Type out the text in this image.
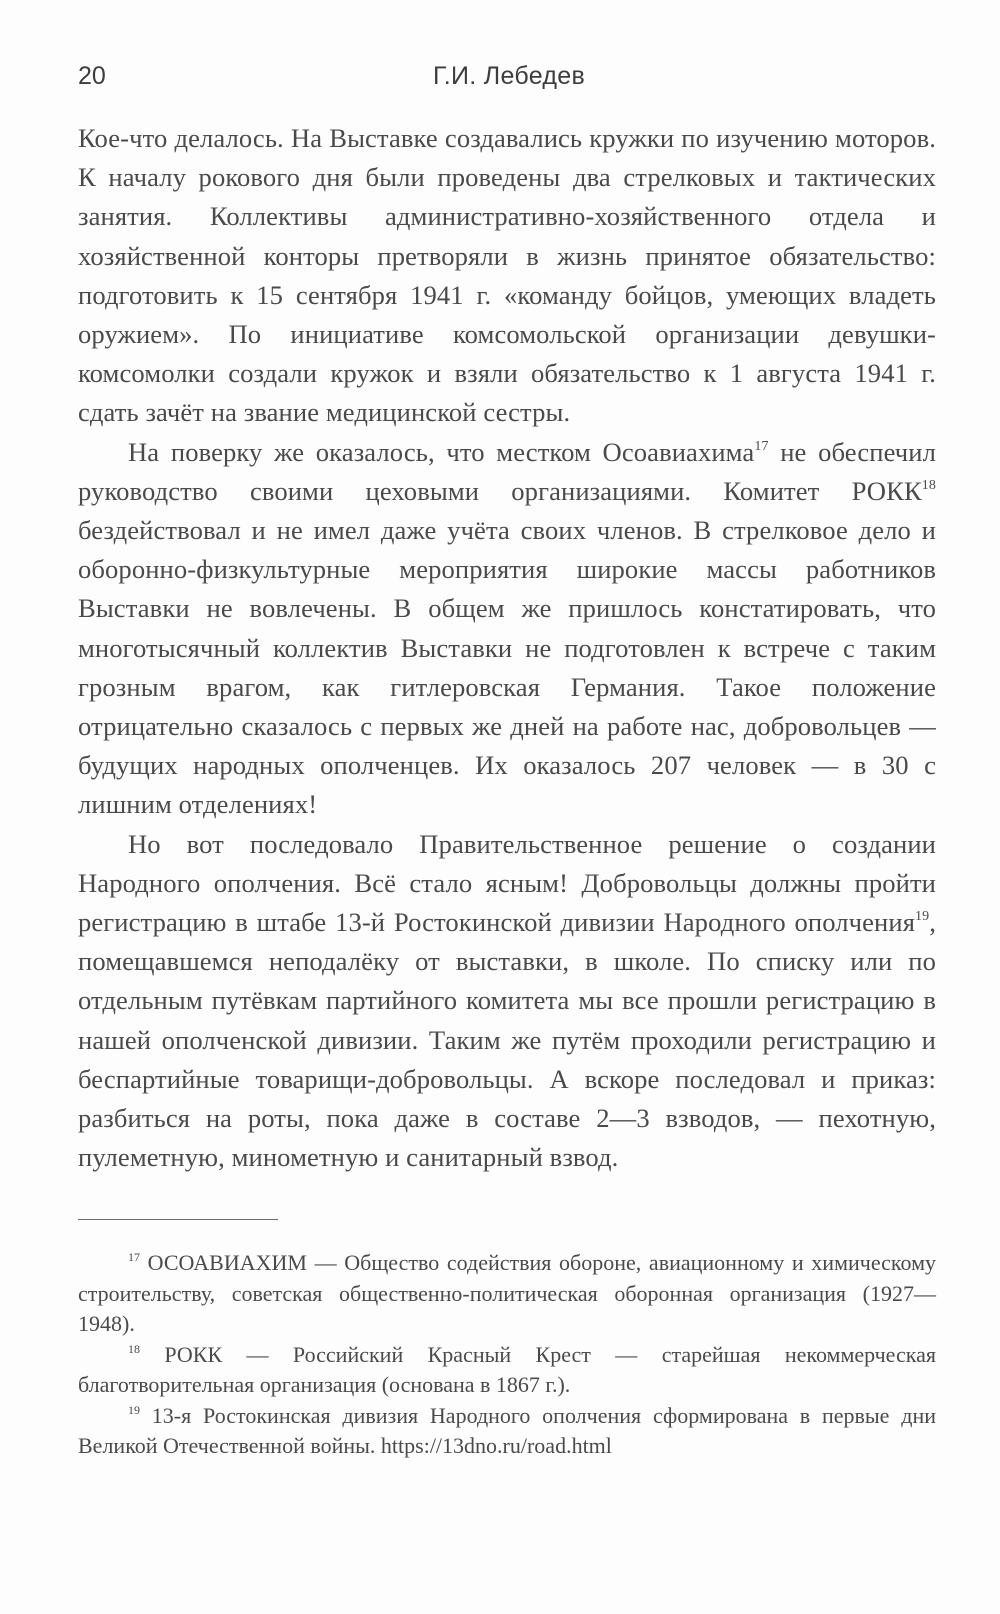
20	Г.И. Лебедев

Кое-что делалось. На Выставке создавались кружки по изучению моторов. К началу рокового дня были проведены два стрелковых и тактических занятия. Коллективы административно-хозяйственного отдела и хозяйственной конторы претворяли в жизнь принятое обязательство: подготовить к 15 сентября 1941 г. «команду бойцов, умеющих владеть оружием». По инициативе комсомольской организации девушки-комсомолки создали кружок и взяли обязательство к 1 августа 1941 г. сдать зачёт на звание медицинской сестры.

На поверку же оказалось, что местком Осоавиахима$^{17}$ не обеспечил руководство своими цеховыми организациями. Комитет РОКК$^{18}$ бездействовал и не имел даже учёта своих членов. В стрелковое дело и оборонно-физкультурные мероприятия широкие массы работников Выставки не вовлечены. В общем же пришлось констатировать, что многотысячный коллектив Выставки не подготовлен к встрече с таким грозным врагом, как гитлеровская Германия. Такое положение отрицательно сказалось с первых же дней на работе нас, добровольцев — будущих народных ополченцев. Их оказалось 207 человек — в 30 с лишним отделениях!

Но вот последовало Правительственное решение о создании Народного ополчения. Всё стало ясным! Добровольцы должны пройти регистрацию в штабе 13-й Ростокинской дивизии Народного ополчения$^{19}$, помещавшемся неподалёку от выставки, в школе. По списку или по отдельным путёвкам партийного комитета мы все прошли регистрацию в нашей ополченской дивизии. Таким же путём проходили регистрацию и беспартийные товарищи-добровольцы. А вскоре последовал и приказ: разбиться на роты, пока даже в составе 2—3 взводов, — пехотную, пулеметную, минометную и санитарный взвод.

$^{17}$ ОСОАВИАХИМ — Общество содействия обороне, авиационному и химическому строительству, советская общественно-политическая оборонная организация (1927—1948).

$^{18}$ РОКК — Российский Красный Крест — старейшая некоммерческая благотворительная организация (основана в 1867 г.).

$^{19}$ 13-я Ростокинская дивизия Народного ополчения сформирована в первые дни Великой Отечественной войны. https://13dno.ru/road.html
